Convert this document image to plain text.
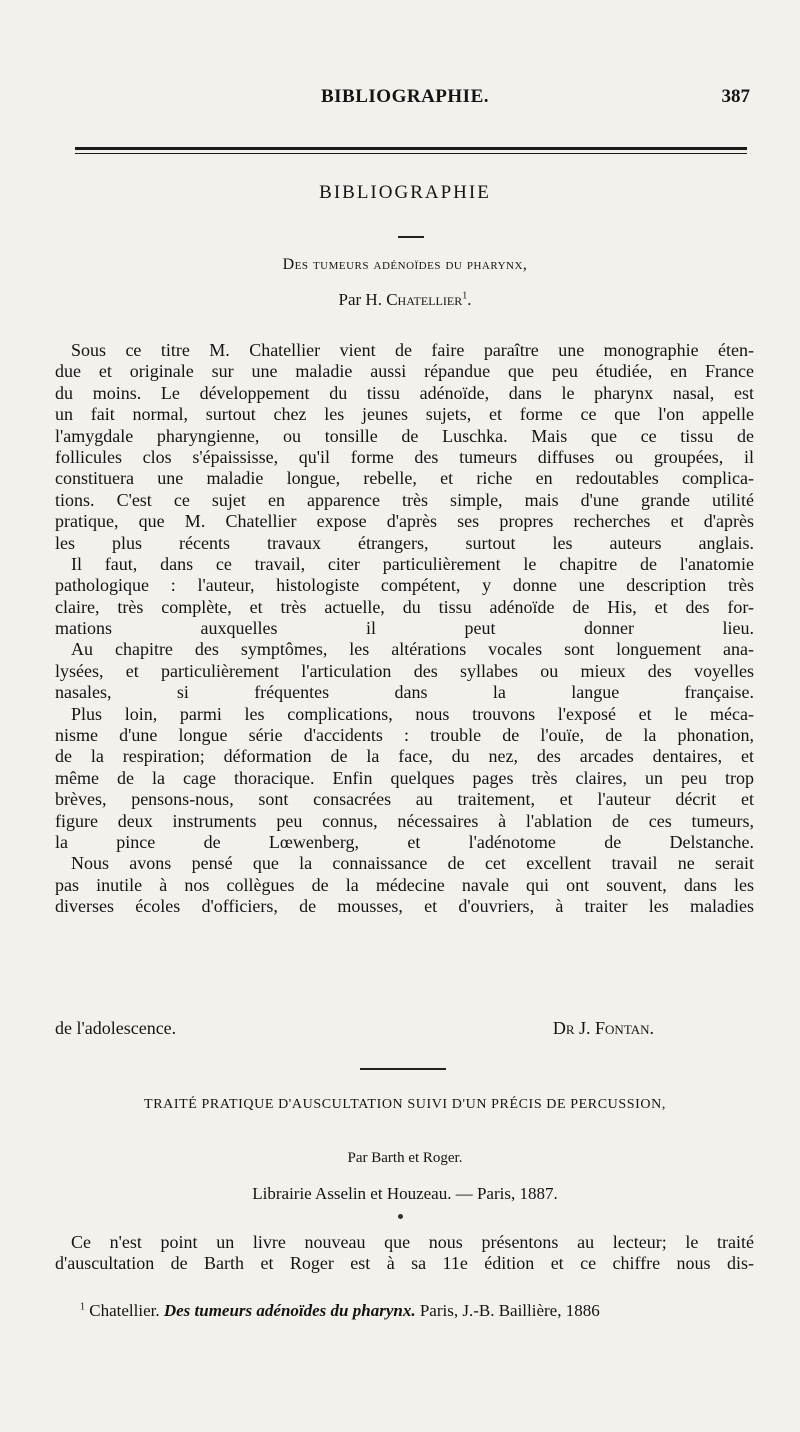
BIBLIOGRAPHIE.	387
BIBLIOGRAPHIE
Des tumeurs adénoïdes du pharynx,
Par H. Chatellier$^1$.
Sous ce titre M. Chatellier vient de faire paraître une monographie éten-
due et originale sur une maladie aussi répandue que peu étudiée, en France
du moins. Le développement du tissu adénoïde, dans le pharynx nasal, est
un fait normal, surtout chez les jeunes sujets, et forme ce que l'on appelle
l'amygdale pharyngienne, ou tonsille de Luschka. Mais que ce tissu de
follicules clos s'épaississe, qu'il forme des tumeurs diffuses ou groupées, il
constituera une maladie longue, rebelle, et riche en redoutables complica-
tions. C'est ce sujet en apparence très simple, mais d'une grande utilité
pratique, que M. Chatellier expose d'après ses propres recherches et d'après
les plus récents travaux étrangers, surtout les auteurs anglais.
Il faut, dans ce travail, citer particulièrement le chapitre de l'anatomie
pathologique : l'auteur, histologiste compétent, y donne une description très
claire, très complète, et très actuelle, du tissu adénoïde de His, et des for-
mations auxquelles il peut donner lieu.
Au chapitre des symptômes, les altérations vocales sont longuement ana-
lysées, et particulièrement l'articulation des syllabes ou mieux des voyelles
nasales, si fréquentes dans la langue française.
Plus loin, parmi les complications, nous trouvons l'exposé et le méca-
nisme d'une longue série d'accidents : trouble de l'ouïe, de la phonation,
de la respiration; déformation de la face, du nez, des arcades dentaires, et
même de la cage thoracique. Enfin quelques pages très claires, un peu trop
brèves, pensons-nous, sont consacrées au traitement, et l'auteur décrit et
figure deux instruments peu connus, nécessaires à l'ablation de ces tumeurs,
la pince de Lœwenberg, et l'adénotome de Delstanche.
Nous avons pensé que la connaissance de cet excellent travail ne serait
pas inutile à nos collègues de la médecine navale qui ont souvent, dans les
diverses écoles d'officiers, de mousses, et d'ouvriers, à traiter les maladies
de l'adolescence.	Dr J. Fontan.
TRAITÉ PRATIQUE D'AUSCULTATION SUIVI D'UN PRÉCIS DE PERCUSSION,
Par Barth et Roger.
Librairie Asselin et Houzeau. — Paris, 1887.
Ce n'est point un livre nouveau que nous présentons au lecteur; le traité
d'auscultation de Barth et Roger est à sa 11e édition et ce chiffre nous dis-
$^1$ Chatellier. Des tumeurs adénoïdes du pharynx. Paris, J.-B. Baillière, 1886
